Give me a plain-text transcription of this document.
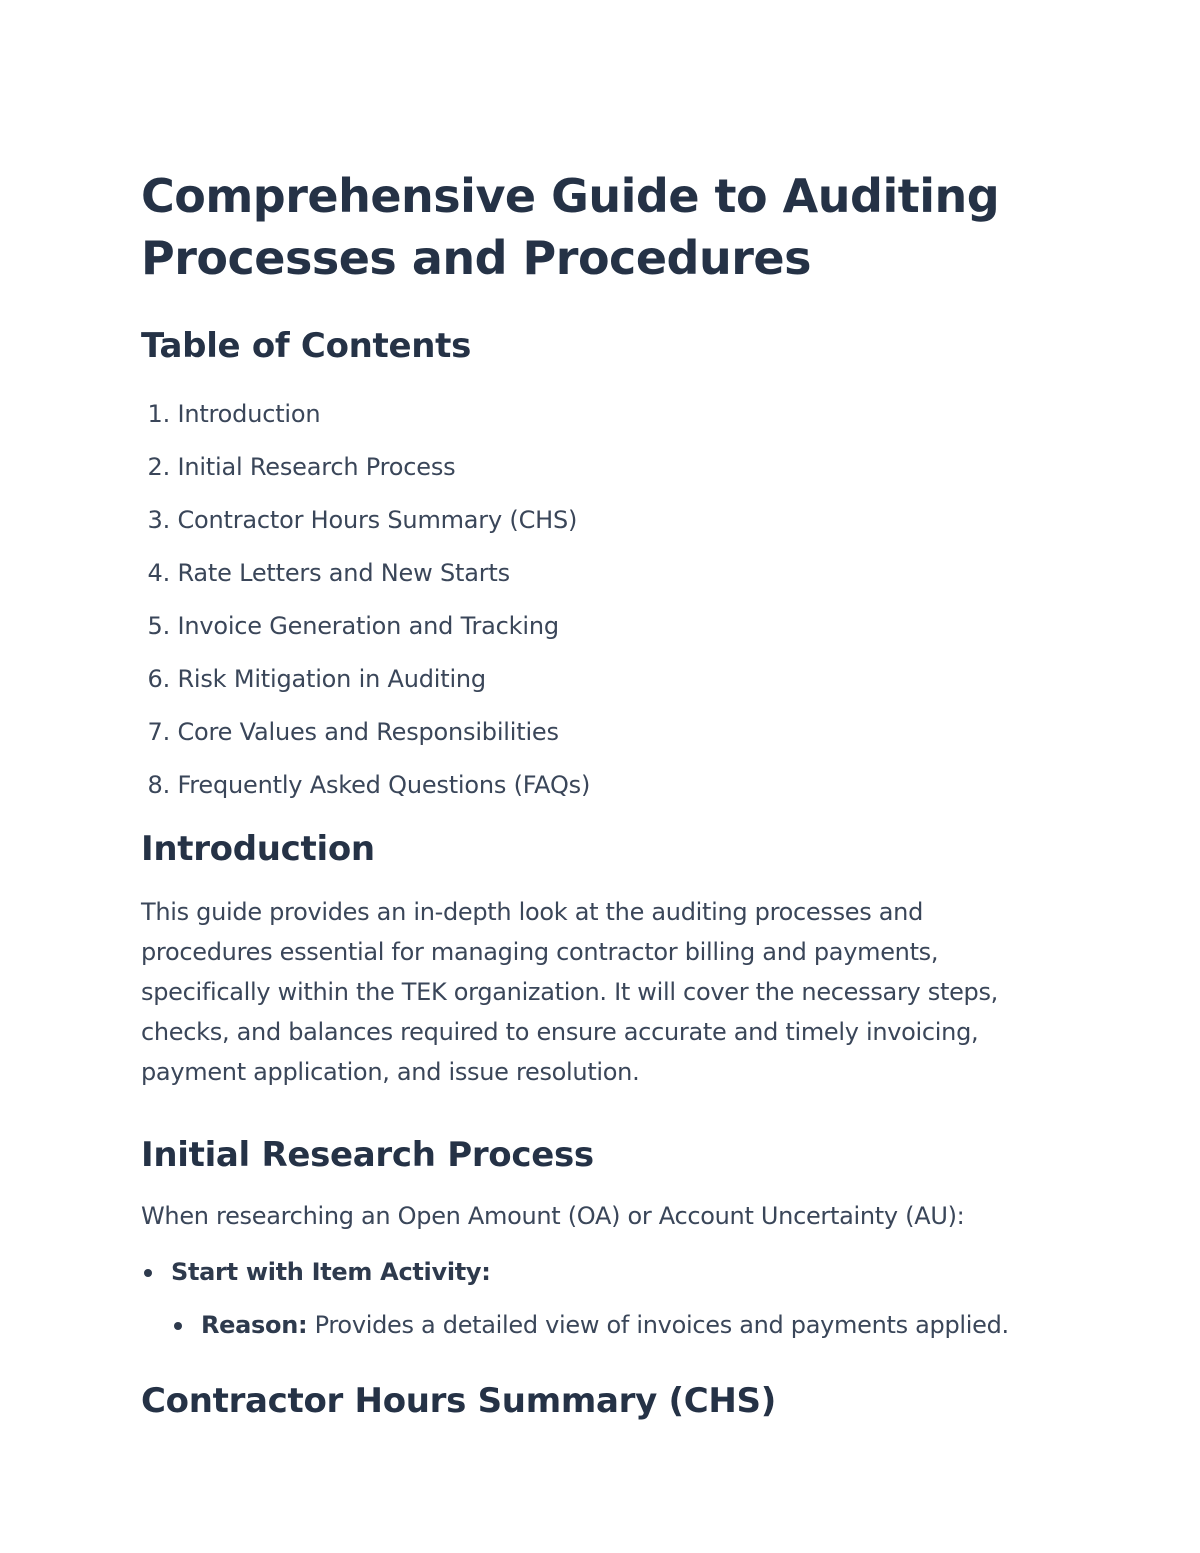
Comprehensive Guide to Auditing Processes and Procedures
Table of Contents
1. Introduction
2. Initial Research Process
3. Contractor Hours Summary (CHS)
4. Rate Letters and New Starts
5. Invoice Generation and Tracking
6. Risk Mitigation in Auditing
7. Core Values and Responsibilities
8. Frequently Asked Questions (FAQs)
Introduction

This guide provides an in-depth look at the auditing processes and procedures essential for managing contractor billing and payments, specifically within the TEK organization. It will cover the necessary steps, checks, and balances required to ensure accurate and timely invoicing, payment application, and issue resolution.

Initial Research Process

When researching an Open Amount (OA) or Account Uncertainty (AU):

Start with Item Activity:
Reason: Provides a detailed view of invoices and payments applied.
Contractor Hours Summary (CHS)
